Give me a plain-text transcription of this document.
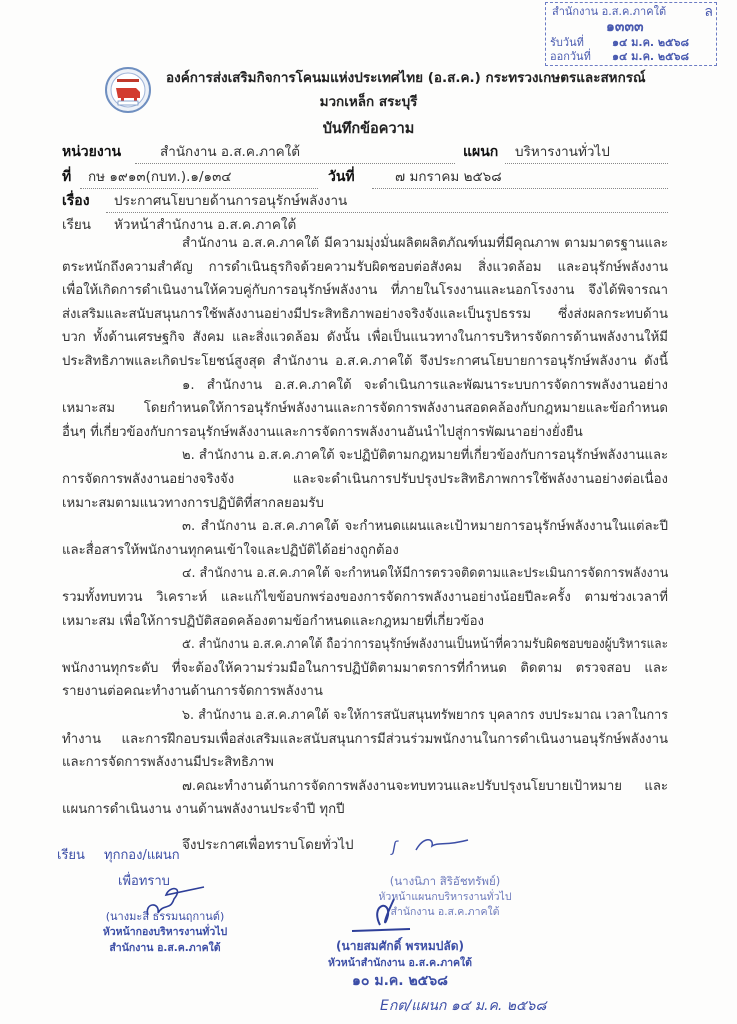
องค์การส่งเสริมกิจการโคนมแห่งประเทศไทย (อ.ส.ค.) กระทรวงเกษตรและสหกรณ์
มวกเหล็ก สระบุรี
บันทึกข้อความ
สำนักงาน อ.ส.ค.ภาคใต้	ล
๑๓๓๓
รับวันที่	๑๔ ม.ค. ๒๕๖๘
ออกวันที่ ๑๔ ม.ค. ๒๕๖๘
หน่วยงาน	สำนักงาน อ.ส.ค.ภาคใต้	แผนก บริหารงานทั่วไป
ที่ กษ ๑๙๑๓(กบท.).๑/๑๓๔	วันที่	๗ มกราคม ๒๕๖๘
เรื่อง ประกาศนโยบายด้านการอนุรักษ์พลังงาน
เรียน หัวหน้าสำนักงาน อ.ส.ค.ภาคใต้
สำนักงาน อ.ส.ค.ภาคใต้ มีความมุ่งมั่นผลิตผลิตภัณฑ์นมที่มีคุณภาพ ตามมาตรฐานและ
ตระหนักถึงความสำคัญ การดำเนินธุรกิจด้วยความรับผิดชอบต่อสังคม สิ่งแวดล้อม และอนุรักษ์พลังงาน
เพื่อให้เกิดการดำเนินงานให้ควบคู่กับการอนุรักษ์พลังงาน ที่ภายในโรงงานและนอกโรงงาน จึงได้พิจารณา
ส่งเสริมและสนับสนุนการใช้พลังงานอย่างมีประสิทธิภาพอย่างจริงจังและเป็นรูปธรรม ซึ่งส่งผลกระทบด้าน
บวก ทั้งด้านเศรษฐกิจ สังคม และสิ่งแวดล้อม ดังนั้น เพื่อเป็นแนวทางในการบริหารจัดการด้านพลังงานให้มี
ประสิทธิภาพและเกิดประโยชน์สูงสุด สำนักงาน อ.ส.ค.ภาคใต้ จึงประกาศนโยบายการอนุรักษ์พลังงาน ดังนี้
๑. สำนักงาน อ.ส.ค.ภาคใต้ จะดำเนินการและพัฒนาระบบการจัดการพลังงานอย่าง
เหมาะสม โดยกำหนดให้การอนุรักษ์พลังงานและการจัดการพลังงานสอดคล้องกับกฎหมายและข้อกำหนด
อื่นๆ ที่เกี่ยวข้องกับการอนุรักษ์พลังงานและการจัดการพลังงานอันนำไปสู่การพัฒนาอย่างยั่งยืน
๒. สำนักงาน อ.ส.ค.ภาคใต้ จะปฏิบัติตามกฎหมายที่เกี่ยวข้องกับการอนุรักษ์พลังงานและ
การจัดการพลังงานอย่างจริงจัง และจะดำเนินการปรับปรุงประสิทธิภาพการใช้พลังงานอย่างต่อเนื่อง
เหมาะสมตามแนวทางการปฏิบัติที่สากลยอมรับ
๓. สำนักงาน อ.ส.ค.ภาคใต้ จะกำหนดแผนและเป้าหมายการอนุรักษ์พลังงานในแต่ละปี
และสื่อสารให้พนักงานทุกคนเข้าใจและปฏิบัติได้อย่างถูกต้อง
๔. สำนักงาน อ.ส.ค.ภาคใต้ จะกำหนดให้มีการตรวจติดตามและประเมินการจัดการพลังงาน
รวมทั้งทบทวน วิเคราะห์ และแก้ไขข้อบกพร่องของการจัดการพลังงานอย่างน้อยปีละครั้ง ตามช่วงเวลาที่
เหมาะสม เพื่อให้การปฏิบัติสอดคล้องตามข้อกำหนดและกฎหมายที่เกี่ยวข้อง
๕. สำนักงาน อ.ส.ค.ภาคใต้ ถือว่าการอนุรักษ์พลังงานเป็นหน้าที่ความรับผิดชอบของผู้บริหารและ
พนักงานทุกระดับ ที่จะต้องให้ความร่วมมือในการปฏิบัติตามมาตรการที่กำหนด ติดตาม ตรวจสอบ และ
รายงานต่อคณะทำงานด้านการจัดการพลังงาน
๖. สำนักงาน อ.ส.ค.ภาคใต้ จะให้การสนับสนุนทรัพยากร บุคลากร งบประมาณ เวลาในการ
ทำงาน และการฝึกอบรมเพื่อส่งเสริมและสนับสนุนการมีส่วนร่วมพนักงานในการดำเนินงานอนุรักษ์พลังงาน
และการจัดการพลังงานมีประสิทธิภาพ
๗.คณะทำงานด้านการจัดการพลังงานจะทบทวนและปรับปรุงนโยบายเป้าหมาย และ
แผนการดำเนินงาน งานด้านพลังงานประจำปี ทุกปี
จึงประกาศเพื่อทราบโดยทั่วไป	ʃ
(นางนิภา สิริอัชทรัพย์)
หัวหน้าแผนกบริหารงานทั่วไป
สำนักงาน อ.ส.ค.ภาคใต้
(นายสมศักดิ์ พรหมปลัด)
หัวหน้าสำนักงาน อ.ส.ค.ภาคใต้
๑๐ ม.ค. ๒๕๖๘
เรียน ทุกกอง/แผนก
เพื่อทราบ
(นางมะลิ ธรรมนฤกานต์)
หัวหน้ากองบริหารงานทั่วไป
สำนักงาน อ.ส.ค.ภาคใต้
Eกต/แผนก ๑๔ ม.ค. ๒๕๖๘
